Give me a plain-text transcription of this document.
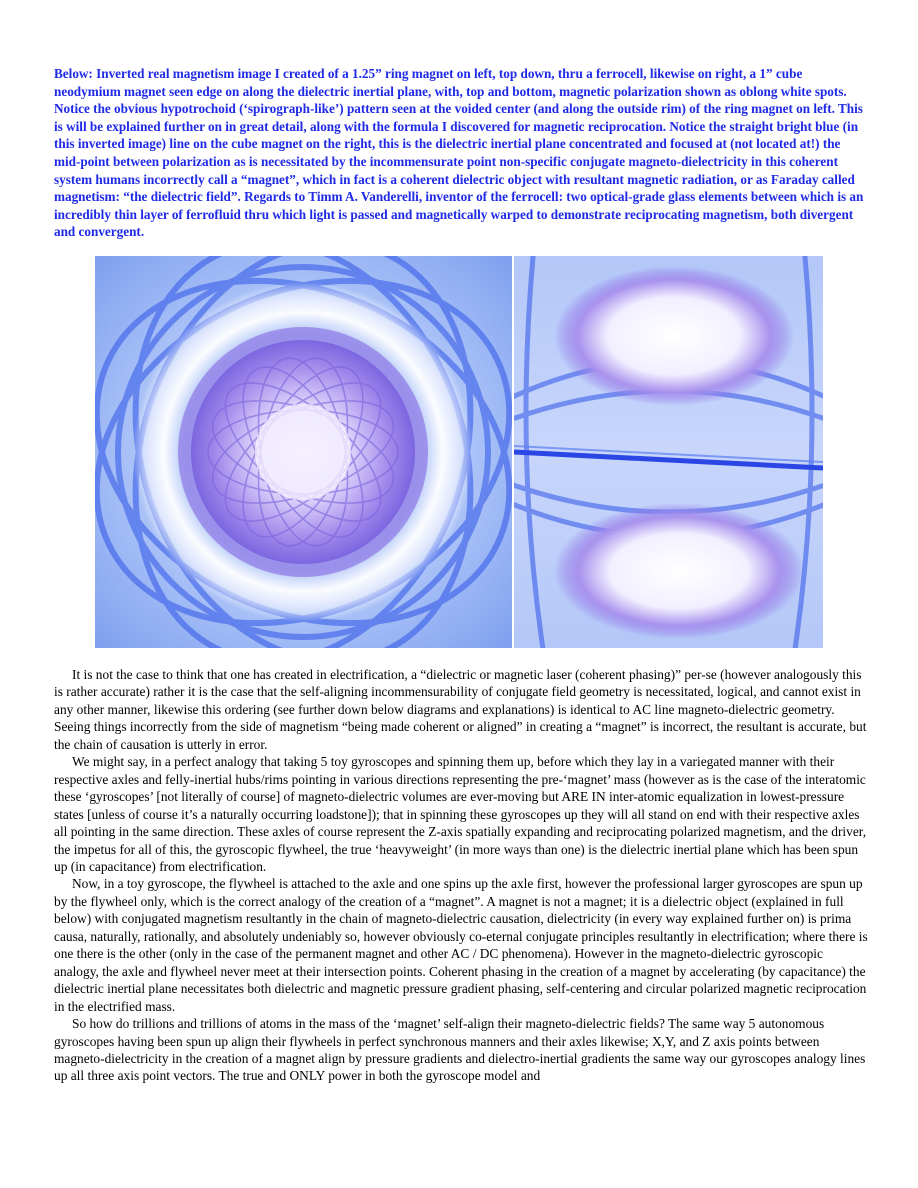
Below: Inverted real magnetism image I created of a 1.25” ring magnet on left, top down, thru a ferrocell, likewise on right, a 1” cube neodymium magnet seen edge on along the dielectric inertial plane, with, top and bottom, magnetic polarization shown as oblong white spots. Notice the obvious hypotrochoid (‘spirograph-like’) pattern seen at the voided center (and along the outside rim) of the ring magnet on left. This is will be explained further on in great detail, along with the formula I discovered for magnetic reciprocation. Notice the straight bright blue (in this inverted image) line on the cube magnet on the right, this is the dielectric inertial plane concentrated and focused at (not located at!) the mid-point between polarization as is necessitated by the incommensurate point non-specific conjugate magneto-dielectricity in this coherent system humans incorrectly call a “magnet”, which in fact is a coherent dielectric object with resultant magnetic radiation, or as Faraday called magnetism: “the dielectric field”. Regards to Timm A. Vanderelli, inventor of the ferrocell: two optical-grade glass elements between which is an incredibly thin layer of ferrofluid thru which light is passed and magnetically warped to demonstrate reciprocating magnetism, both divergent and convergent.

It is not the case to think that one has created in electrification, a “dielectric or magnetic laser (coherent phasing)” per-se (however analogously this is rather accurate) rather it is the case that the self-aligning incommensurability of conjugate field geometry is necessitated, logical, and cannot exist in any other manner, likewise this ordering (see further down below diagrams and explanations) is identical to AC line magneto-dielectric geometry. Seeing things incorrectly from the side of magnetism “being made coherent or aligned” in creating a “magnet” is incorrect, the resultant is accurate, but the chain of causation is utterly in error.

We might say, in a perfect analogy that taking 5 toy gyroscopes and spinning them up, before which they lay in a variegated manner with their respective axles and felly-inertial hubs/rims pointing in various directions representing the pre-‘magnet’ mass (however as is the case of the interatomic these ‘gyroscopes’ [not literally of course] of magneto-dielectric volumes are ever-moving but ARE IN inter-atomic equalization in lowest-pressure states [unless of course it’s a naturally occurring loadstone]); that in spinning these gyroscopes up they will all stand on end with their respective axles all pointing in the same direction. These axles of course represent the Z-axis spatially expanding and reciprocating polarized magnetism, and the driver, the impetus for all of this, the gyroscopic flywheel, the true ‘heavyweight’ (in more ways than one) is the dielectric inertial plane which has been spun up (in capacitance) from electrification.

Now, in a toy gyroscope, the flywheel is attached to the axle and one spins up the axle first, however the professional larger gyroscopes are spun up by the flywheel only, which is the correct analogy of the creation of a “magnet”. A magnet is not a magnet; it is a dielectric object (explained in full below) with conjugated magnetism resultantly in the chain of magneto-dielectric causation, dielectricity (in every way explained further on) is prima causa, naturally, rationally, and absolutely undeniably so, however obviously co-eternal conjugate principles resultantly in electrification; where there is one there is the other (only in the case of the permanent magnet and other AC / DC phenomena). However in the magneto-dielectric gyroscopic analogy, the axle and flywheel never meet at their intersection points. Coherent phasing in the creation of a magnet by accelerating (by capacitance) the dielectric inertial plane necessitates both dielectric and magnetic pressure gradient phasing, self-centering and circular polarized magnetic reciprocation in the electrified mass.

So how do trillions and trillions of atoms in the mass of the ‘magnet’ self-align their magneto-dielectric fields? The same way 5 autonomous gyroscopes having been spun up align their flywheels in perfect synchronous manners and their axles likewise; X,Y, and Z axis points between magneto-dielectricity in the creation of a magnet align by pressure gradients and dielectro-inertial gradients the same way our gyroscopes analogy lines up all three axis point vectors. The true and ONLY power in both the gyroscope model and
